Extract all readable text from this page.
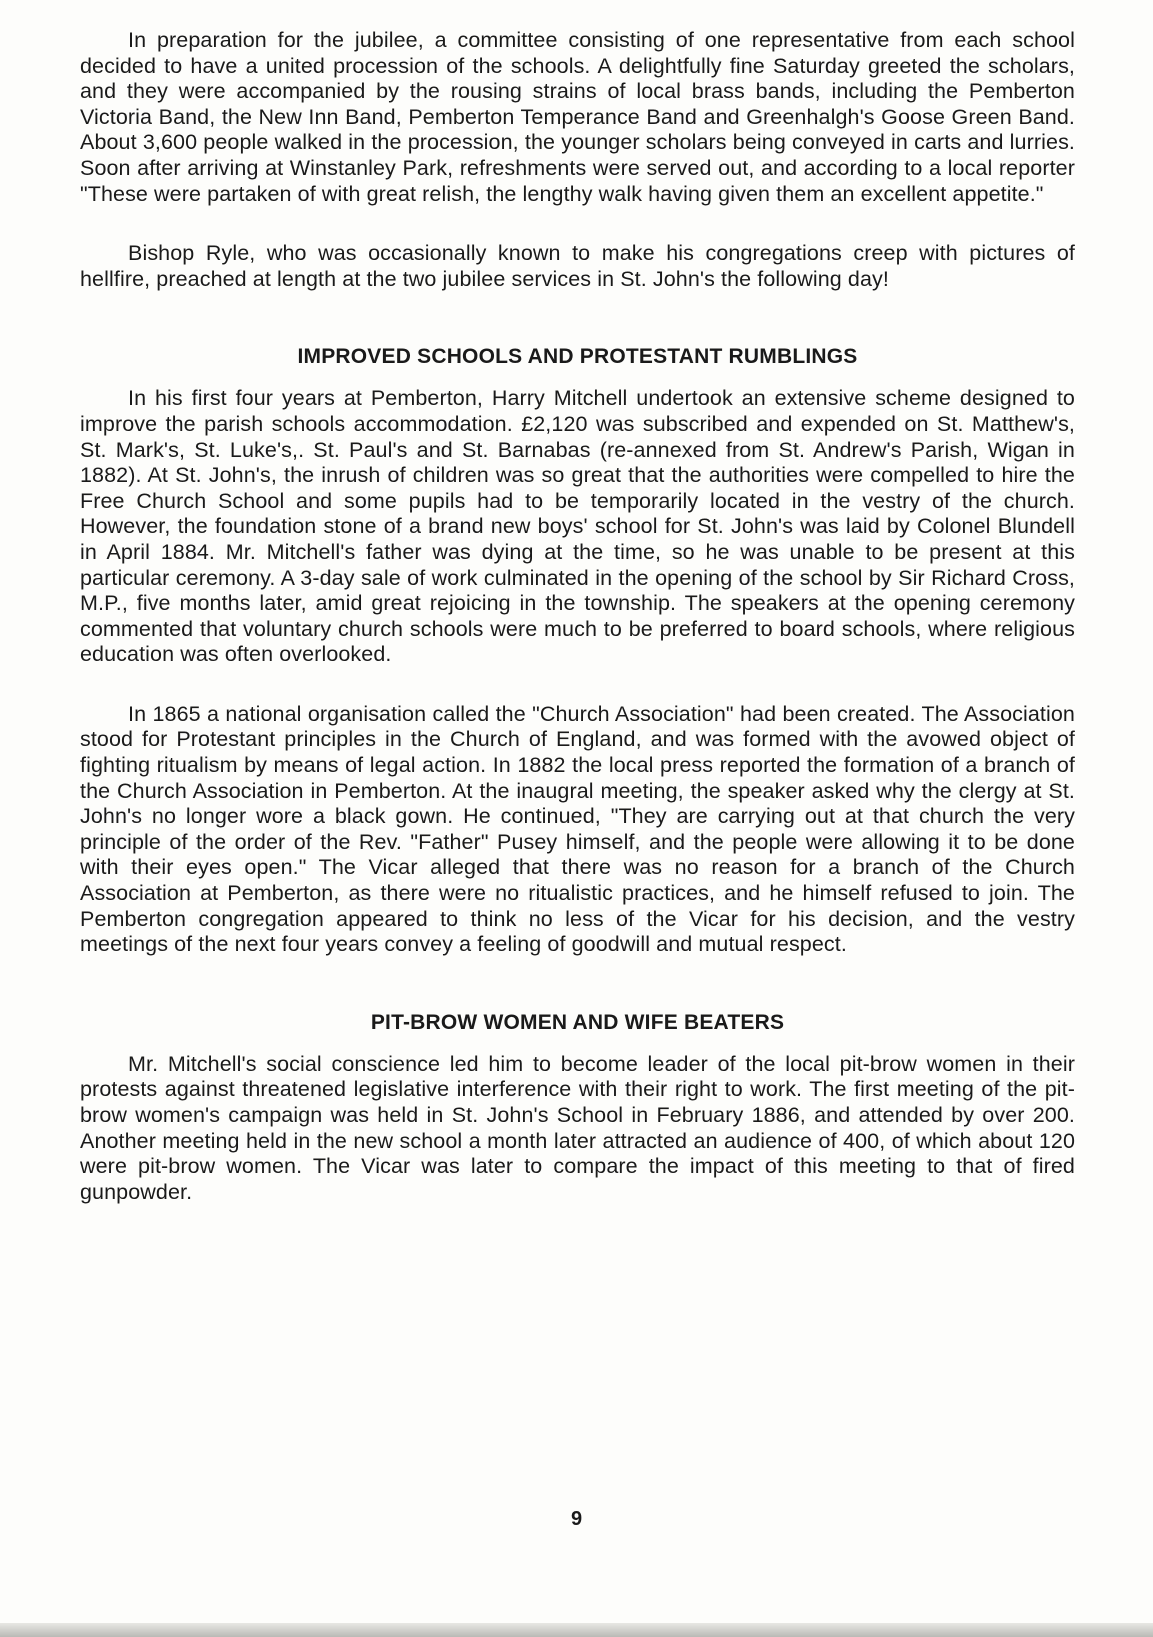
In preparation for the jubilee, a committee consisting of one representative from each school decided to have a united procession of the schools. A delightfully fine Saturday greeted the scholars, and they were accompanied by the rousing strains of local brass bands, including the Pemberton Victoria Band, the New Inn Band, Pemberton Temperance Band and Greenhalgh's Goose Green Band. About 3,600 people walked in the procession, the younger scholars being conveyed in carts and lurries. Soon after arriving at Winstanley Park, refreshments were served out, and according to a local reporter "These were partaken of with great relish, the lengthy walk having given them an excellent appetite."

Bishop Ryle, who was occasionally known to make his congregations creep with pictures of hellfire, preached at length at the two jubilee services in St. John's the following day!

IMPROVED SCHOOLS AND PROTESTANT RUMBLINGS

In his first four years at Pemberton, Harry Mitchell undertook an extensive scheme designed to improve the parish schools accommodation. £2,120 was subscribed and expended on St. Matthew's, St. Mark's, St. Luke's,. St. Paul's and St. Barnabas (re-annexed from St. Andrew's Parish, Wigan in 1882). At St. John's, the inrush of children was so great that the authorities were compelled to hire the Free Church School and some pupils had to be temporarily located in the vestry of the church. However, the foundation stone of a brand new boys' school for St. John's was laid by Colonel Blundell in April 1884. Mr. Mitchell's father was dying at the time, so he was unable to be present at this particular ceremony. A 3-day sale of work culminated in the opening of the school by Sir Richard Cross, M.P., five months later, amid great rejoicing in the township. The speakers at the opening ceremony commented that voluntary church schools were much to be preferred to board schools, where religious education was often overlooked.

In 1865 a national organisation called the "Church Association" had been created. The Association stood for Protestant principles in the Church of England, and was formed with the avowed object of fighting ritualism by means of legal action. In 1882 the local press reported the formation of a branch of the Church Association in Pemberton. At the inaugral meeting, the speaker asked why the clergy at St. John's no longer wore a black gown. He continued, "They are carrying out at that church the very principle of the order of the Rev. "Father" Pusey himself, and the people were allowing it to be done with their eyes open." The Vicar alleged that there was no reason for a branch of the Church Association at Pemberton, as there were no ritualistic practices, and he himself refused to join. The Pemberton congregation appeared to think no less of the Vicar for his decision, and the vestry meetings of the next four years convey a feeling of goodwill and mutual respect.

PIT-BROW WOMEN AND WIFE BEATERS

Mr. Mitchell's social conscience led him to become leader of the local pit-brow women in their protests against threatened legislative interference with their right to work. The first meeting of the pit-brow women's campaign was held in St. John's School in February 1886, and attended by over 200. Another meeting held in the new school a month later attracted an audience of 400, of which about 120 were pit-brow women. The Vicar was later to compare the impact of this meeting to that of fired gunpowder.

9
